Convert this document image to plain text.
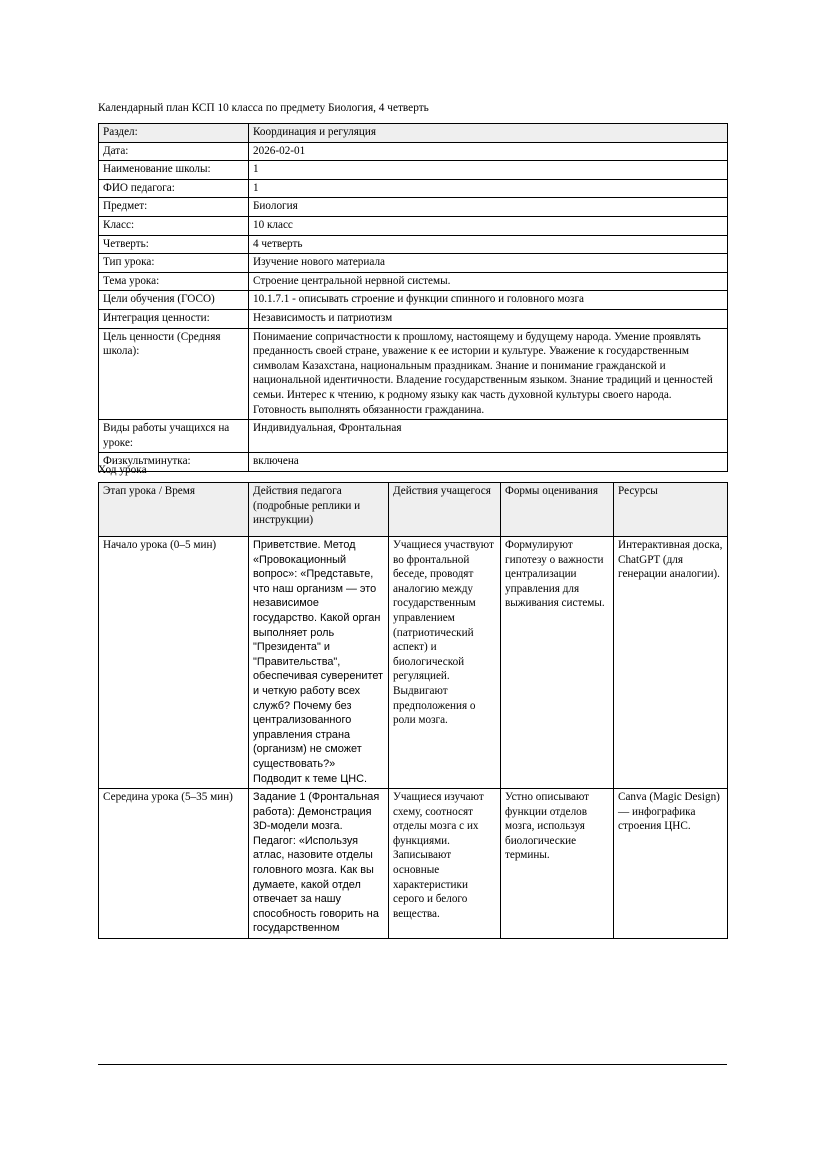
Календарный план КСП 10 класса по предмету Биология, 4 четверть
Раздел:	Координация и регуляция
Дата:	2026-02-01
Наименование школы:	1
ФИО педагога:	1
Предмет:	Биология
Класс:	10 класс
Четверть:	4 четверть
Тип урока:	Изучение нового материала
Тема урока:	Строение центральной нервной системы.
Цели обучения (ГОСО)	10.1.7.1 - описывать строение и функции спинного и головного мозга
Интеграция ценности:	Независимость и патриотизм
Цель ценности (Средняя школа):	Понимаение сопричастности к прошлому, настоящему и будущему народа. Умение проявлять преданность своей стране, уважение к ее истории и культуре. Уважение к государственным символам Казахстана, национальным праздникам. Знание и понимание гражданской и национальной идентичности. Владение государственным языком. Знание традиций и ценностей семьи. Интерес к чтению, к родному языку как часть духовной культуры своего народа. Готовность выполнять обязанности гражданина.
Виды работы учащихся на уроке:	Индивидуальная, Фронтальная
Физкультминутка:	включена
Ход урока
Этап урока / Время	Действия педагога (подробные реплики и инструкции)	Действия учащегося	Формы оценивания	Ресурсы
Начало урока (0–5 мин)	Приветствие. Метод «Провокационный вопрос»: «Представьте, что наш организм — это независимое государство. Какой орган выполняет роль "Президента" и "Правительства", обеспечивая суверенитет и четкую работу всех служб? Почему без централизованного управления страна (организм) не сможет существовать?» Подводит к теме ЦНС.	Учащиеся участвуют во фронтальной беседе, проводят аналогию между государственным управлением (патриотический аспект) и биологической регуляцией. Выдвигают предположения о роли мозга.	Формулируют гипотезу о важности централизации управления для выживания системы.	Интерактивная доска, ChatGPT (для генерации аналогии).
Середина урока (5–35 мин)	Задание 1 (Фронтальная работа): Демонстрация 3D-модели мозга. Педагог: «Используя атлас, назовите отделы головного мозга. Как вы думаете, какой отдел отвечает за нашу способность говорить на государственном	Учащиеся изучают схему, соотносят отделы мозга с их функциями. Записывают основные характеристики серого и белого вещества.	Устно описывают функции отделов мозга, используя биологические термины.	Canva (Magic Design) — инфографика строения ЦНС.
